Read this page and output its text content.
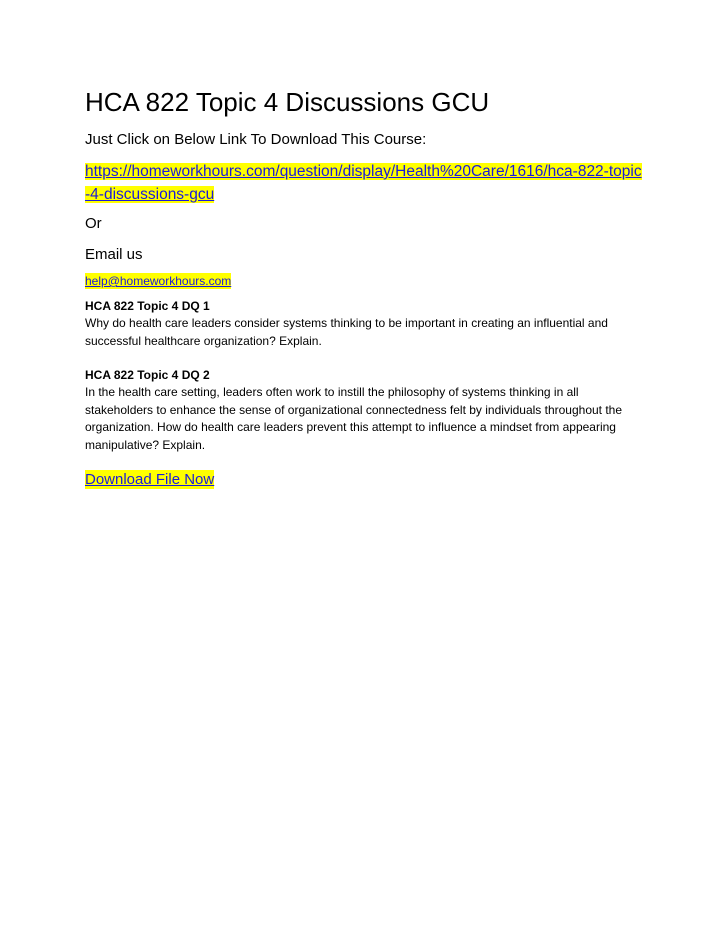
HCA 822 Topic 4 Discussions GCU
Just Click on Below Link To Download This Course:
https://homeworkhours.com/question/display/Health%20Care/1616/hca-822-topic-4-discussions-gcu
Or
Email us
help@homeworkhours.com
HCA 822 Topic 4 DQ 1
Why do health care leaders consider systems thinking to be important in creating an influential and successful healthcare organization? Explain.
HCA 822 Topic 4 DQ 2
In the health care setting, leaders often work to instill the philosophy of systems thinking in all stakeholders to enhance the sense of organizational connectedness felt by individuals throughout the organization. How do health care leaders prevent this attempt to influence a mindset from appearing manipulative? Explain.
Download File Now
